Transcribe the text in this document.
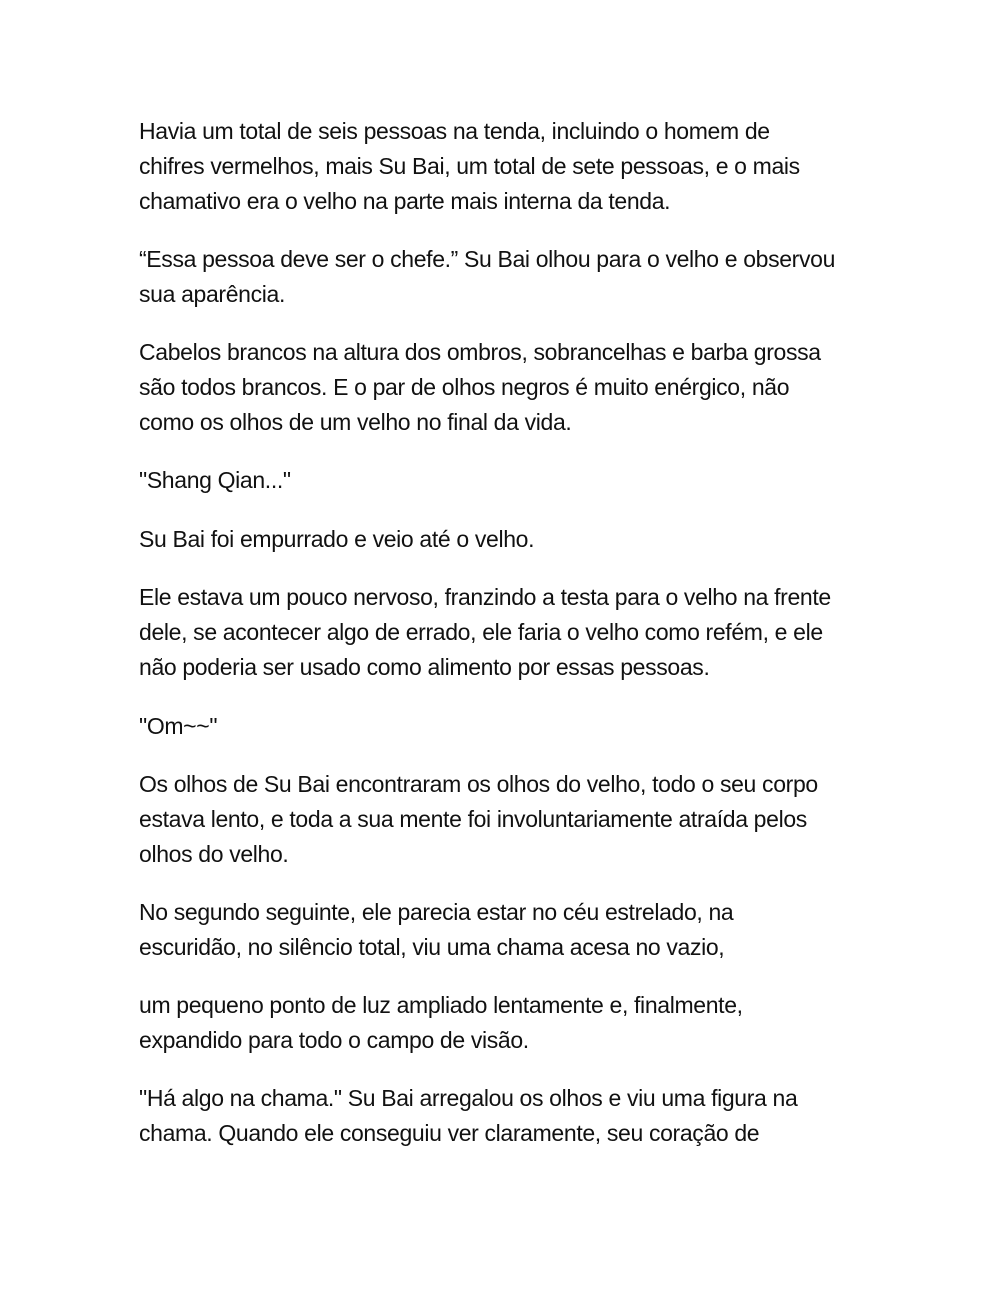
Havia um total de seis pessoas na tenda, incluindo o homem de
chifres vermelhos, mais Su Bai, um total de sete pessoas, e o mais
chamativo era o velho na parte mais interna da tenda.

“Essa pessoa deve ser o chefe.” Su Bai olhou para o velho e observou
sua aparência.

Cabelos brancos na altura dos ombros, sobrancelhas e barba grossa
são todos brancos. E o par de olhos negros é muito enérgico, não
como os olhos de um velho no final da vida.

"Shang Qian..."

Su Bai foi empurrado e veio até o velho.

Ele estava um pouco nervoso, franzindo a testa para o velho na frente
dele, se acontecer algo de errado, ele faria o velho como refém, e ele
não poderia ser usado como alimento por essas pessoas.

"Om~~"

Os olhos de Su Bai encontraram os olhos do velho, todo o seu corpo
estava lento, e toda a sua mente foi involuntariamente atraída pelos
olhos do velho.

No segundo seguinte, ele parecia estar no céu estrelado, na
escuridão, no silêncio total, viu uma chama acesa no vazio,

um pequeno ponto de luz ampliado lentamente e, finalmente,
expandido para todo o campo de visão.

"Há algo na chama." Su Bai arregalou os olhos e viu uma figura na
chama. Quando ele conseguiu ver claramente, seu coração de
